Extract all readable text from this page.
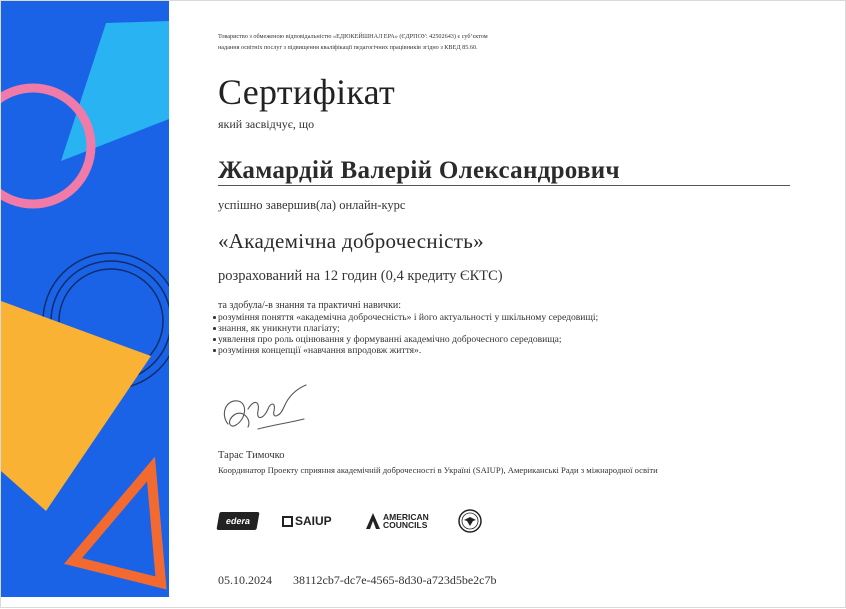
Товариство з обмеженою відповідальністю «ЕДЮКЕЙШНАЛ ЕРА» (ЄДРПОУ: 42502643) є суб’єктом
надання освітніх послуг з підвищення кваліфікації педагогічних працівників згідно з КВЕД 85.60.
Сертифікат
який засвідчує, що
Жамардій Валерій Олександрович
успішно завершив(ла) онлайн-курс
«Академічна доброчесність»
розрахований на 12 годин (0,4 кредиту ЄКТС)
та здобула/-в знання та практичні навички:
розуміння поняття «академічна доброчесність» і його актуальності у шкільному середовищі;
знання, як уникнути плагіату;
уявлення про роль оцінювання у формуванні академічно доброчесного середовища;
розуміння концепції «навчання впродовж життя».
Тарас Тимочко
Координатор Проекту сприяння академічній доброчесності в Україні (SAIUP), Американські Ради з міжнародної освіти
edera	SAIUP	AMERICAN
COUNCILS
05.10.2024 38112cb7-dc7e-4565-8d30-a723d5be2c7b
